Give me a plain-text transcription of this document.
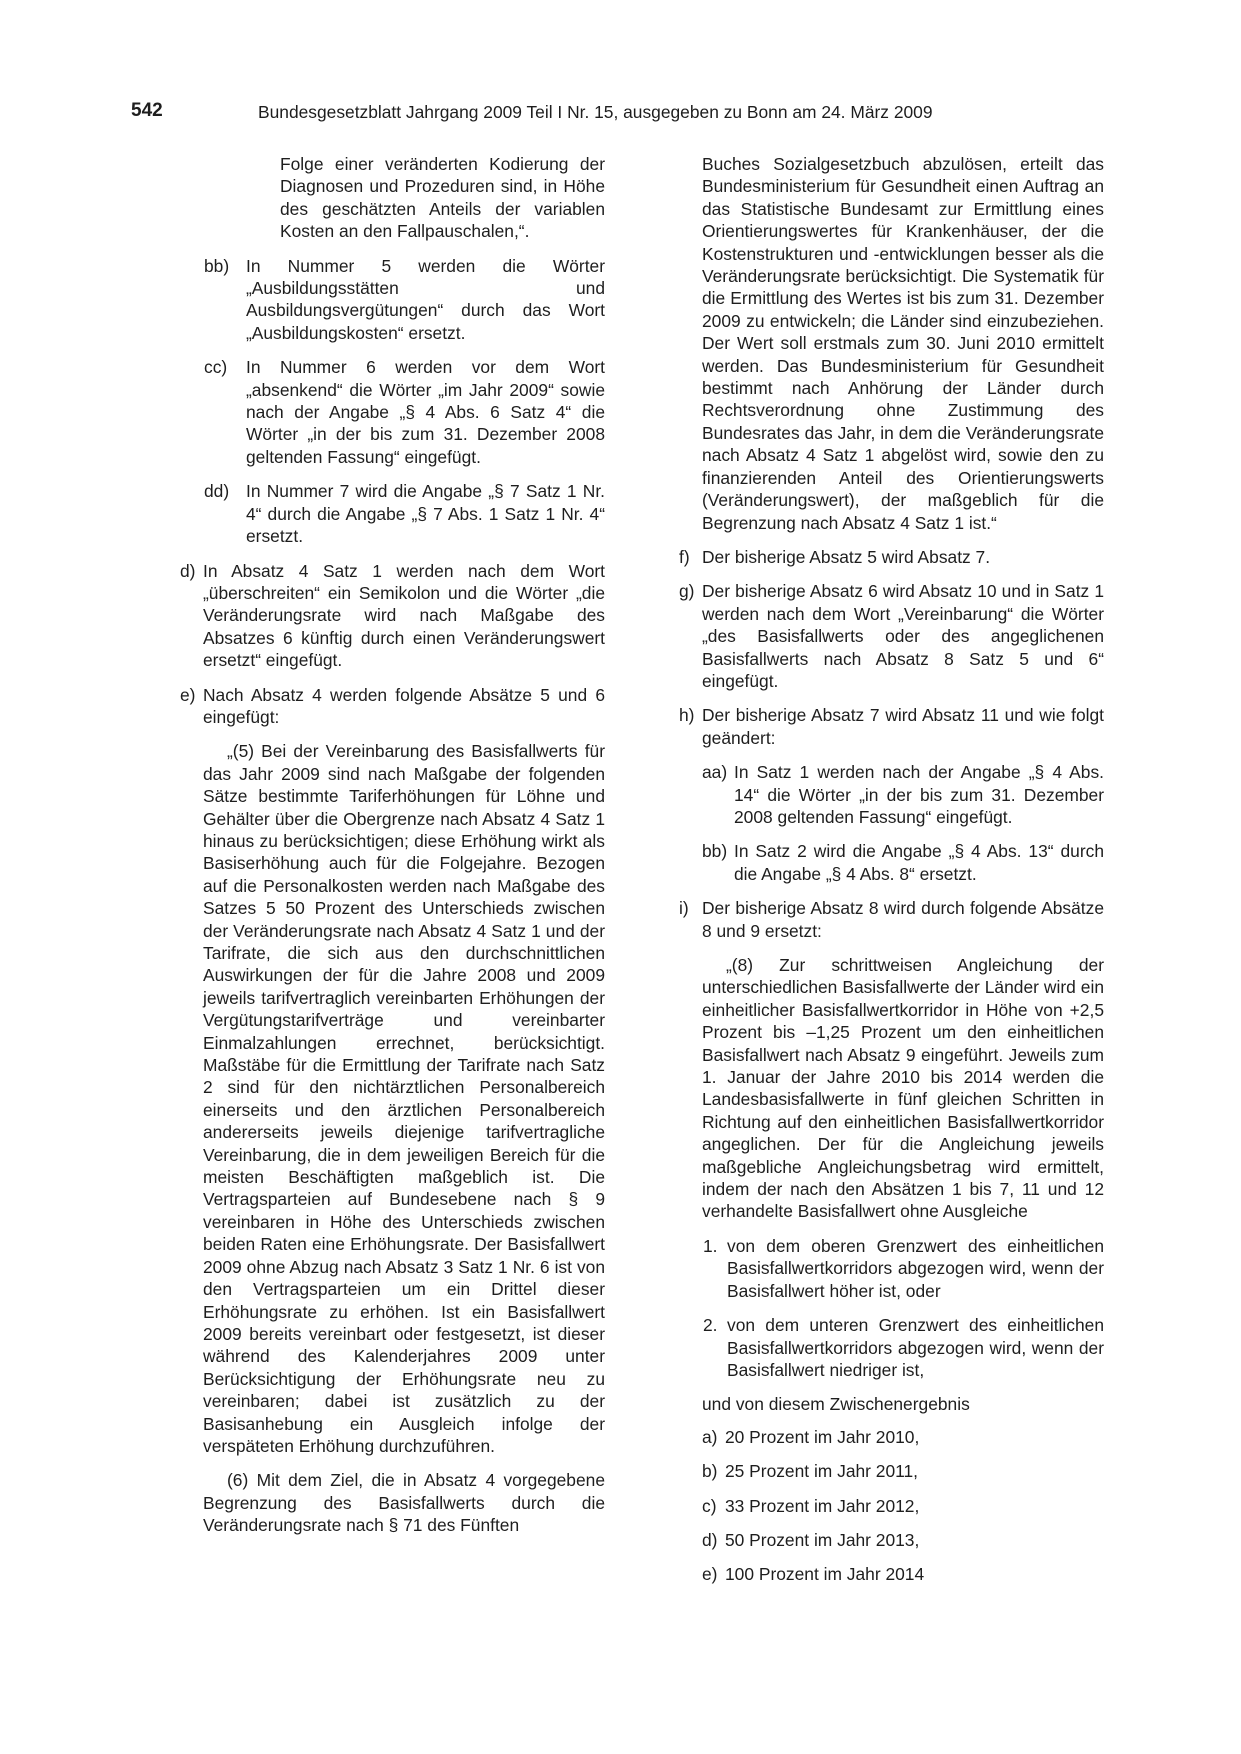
542	Bundesgesetzblatt Jahrgang 2009 Teil I Nr. 15, ausgegeben zu Bonn am 24. März 2009

Folge einer veränderten Kodierung der Diagnosen und Prozeduren sind, in Höhe des geschätzten Anteils der variablen Kosten an den Fallpauschalen,“.

bb) In Nummer 5 werden die Wörter „Ausbildungsstätten und Ausbildungsvergütungen“ durch das Wort „Ausbildungskosten“ ersetzt.

cc)	In Nummer 6 werden vor dem Wort „absenkend“ die Wörter „im Jahr 2009“ sowie nach der Angabe „§ 4 Abs. 6 Satz 4“ die Wörter „in der bis zum 31. Dezember 2008 geltenden Fassung“ eingefügt.

dd) In Nummer 7 wird die Angabe „§ 7 Satz 1 Nr. 4“ durch die Angabe „§ 7 Abs. 1 Satz 1 Nr. 4“ ersetzt.

d) In Absatz 4 Satz 1 werden nach dem Wort „überschreiten“ ein Semikolon und die Wörter „die Veränderungsrate wird nach Maßgabe des Absatzes 6 künftig durch einen Veränderungswert ersetzt“ eingefügt.

e) Nach Absatz 4 werden folgende Absätze 5 und 6 eingefügt:

„(5) Bei der Vereinbarung des Basisfallwerts für das Jahr 2009 sind nach Maßgabe der folgenden Sätze bestimmte Tariferhöhungen für Löhne und Gehälter über die Obergrenze nach Absatz 4 Satz 1 hinaus zu berücksichtigen; diese Erhöhung wirkt als Basiserhöhung auch für die Folgejahre. Bezogen auf die Personalkosten werden nach Maßgabe des Satzes 5 50 Prozent des Unterschieds zwischen der Veränderungsrate nach Absatz 4 Satz 1 und der Tarifrate, die sich aus den durchschnittlichen Auswirkungen der für die Jahre 2008 und 2009 jeweils tarifvertraglich vereinbarten Erhöhungen der Vergütungstarifverträge und vereinbarter Einmalzahlungen errechnet, berücksichtigt. Maßstäbe für die Ermittlung der Tarifrate nach Satz 2 sind für den nichtärztlichen Personalbereich einerseits und den ärztlichen Personalbereich andererseits jeweils diejenige tarifvertragliche Vereinbarung, die in dem jeweiligen Bereich für die meisten Beschäftigten maßgeblich ist. Die Vertragsparteien auf Bundesebene nach § 9 vereinbaren in Höhe des Unterschieds zwischen beiden Raten eine Erhöhungsrate. Der Basisfallwert 2009 ohne Abzug nach Absatz 3 Satz 1 Nr. 6 ist von den Vertragsparteien um ein Drittel dieser Erhöhungsrate zu erhöhen. Ist ein Basisfallwert 2009 bereits vereinbart oder festgesetzt, ist dieser während des Kalenderjahres 2009 unter Berücksichtigung der Erhöhungsrate neu zu vereinbaren; dabei ist zusätzlich zu der Basisanhebung ein Ausgleich infolge der verspäteten Erhöhung durchzuführen.

(6) Mit dem Ziel, die in Absatz 4 vorgegebene Begrenzung des Basisfallwerts durch die Veränderungsrate nach § 71 des Fünften

Buches Sozialgesetzbuch abzulösen, erteilt das Bundesministerium für Gesundheit einen Auftrag an das Statistische Bundesamt zur Ermittlung eines Orientierungswertes für Krankenhäuser, der die Kostenstrukturen und -entwicklungen besser als die Veränderungsrate berücksichtigt. Die Systematik für die Ermittlung des Wertes ist bis zum 31. Dezember 2009 zu entwickeln; die Länder sind einzubeziehen. Der Wert soll erstmals zum 30. Juni 2010 ermittelt werden. Das Bundesministerium für Gesundheit bestimmt nach Anhörung der Länder durch Rechtsverordnung ohne Zustimmung des Bundesrates das Jahr, in dem die Veränderungsrate nach Absatz 4 Satz 1 abgelöst wird, sowie den zu finanzierenden Anteil des Orientierungswerts (Veränderungswert), der maßgeblich für die Begrenzung nach Absatz 4 Satz 1 ist.“

f) Der bisherige Absatz 5 wird Absatz 7.

g) Der bisherige Absatz 6 wird Absatz 10 und in Satz 1 werden nach dem Wort „Vereinbarung“ die Wörter „des Basisfallwerts oder des angeglichenen Basisfallwerts nach Absatz 8 Satz 5 und 6“ eingefügt.

h) Der bisherige Absatz 7 wird Absatz 11 und wie folgt geändert:

aa) In Satz 1 werden nach der Angabe „§ 4 Abs. 14“ die Wörter „in der bis zum 31. Dezember 2008 geltenden Fassung“ eingefügt.

bb) In Satz 2 wird die Angabe „§ 4 Abs. 13“ durch die Angabe „§ 4 Abs. 8“ ersetzt.

i) Der bisherige Absatz 8 wird durch folgende Absätze 8 und 9 ersetzt:

„(8) Zur schrittweisen Angleichung der unterschiedlichen Basisfallwerte der Länder wird ein einheitlicher Basisfallwertkorridor in Höhe von +2,5 Prozent bis –1,25 Prozent um den einheitlichen Basisfallwert nach Absatz 9 eingeführt. Jeweils zum 1. Januar der Jahre 2010 bis 2014 werden die Landesbasisfallwerte in fünf gleichen Schritten in Richtung auf den einheitlichen Basisfallwertkorridor angeglichen. Der für die Angleichung jeweils maßgebliche Angleichungsbetrag wird ermittelt, indem der nach den Absätzen 1 bis 7, 11 und 12 verhandelte Basisfallwert ohne Ausgleiche

1. von dem oberen Grenzwert des einheitlichen Basisfallwertkorridors abgezogen wird, wenn der Basisfallwert höher ist, oder

2. von dem unteren Grenzwert des einheitlichen Basisfallwertkorridors abgezogen wird, wenn der Basisfallwert niedriger ist,

und von diesem Zwischenergebnis

a) 20 Prozent im Jahr 2010,

b) 25 Prozent im Jahr 2011,

c) 33 Prozent im Jahr 2012,

d) 50 Prozent im Jahr 2013,

e) 100 Prozent im Jahr 2014
